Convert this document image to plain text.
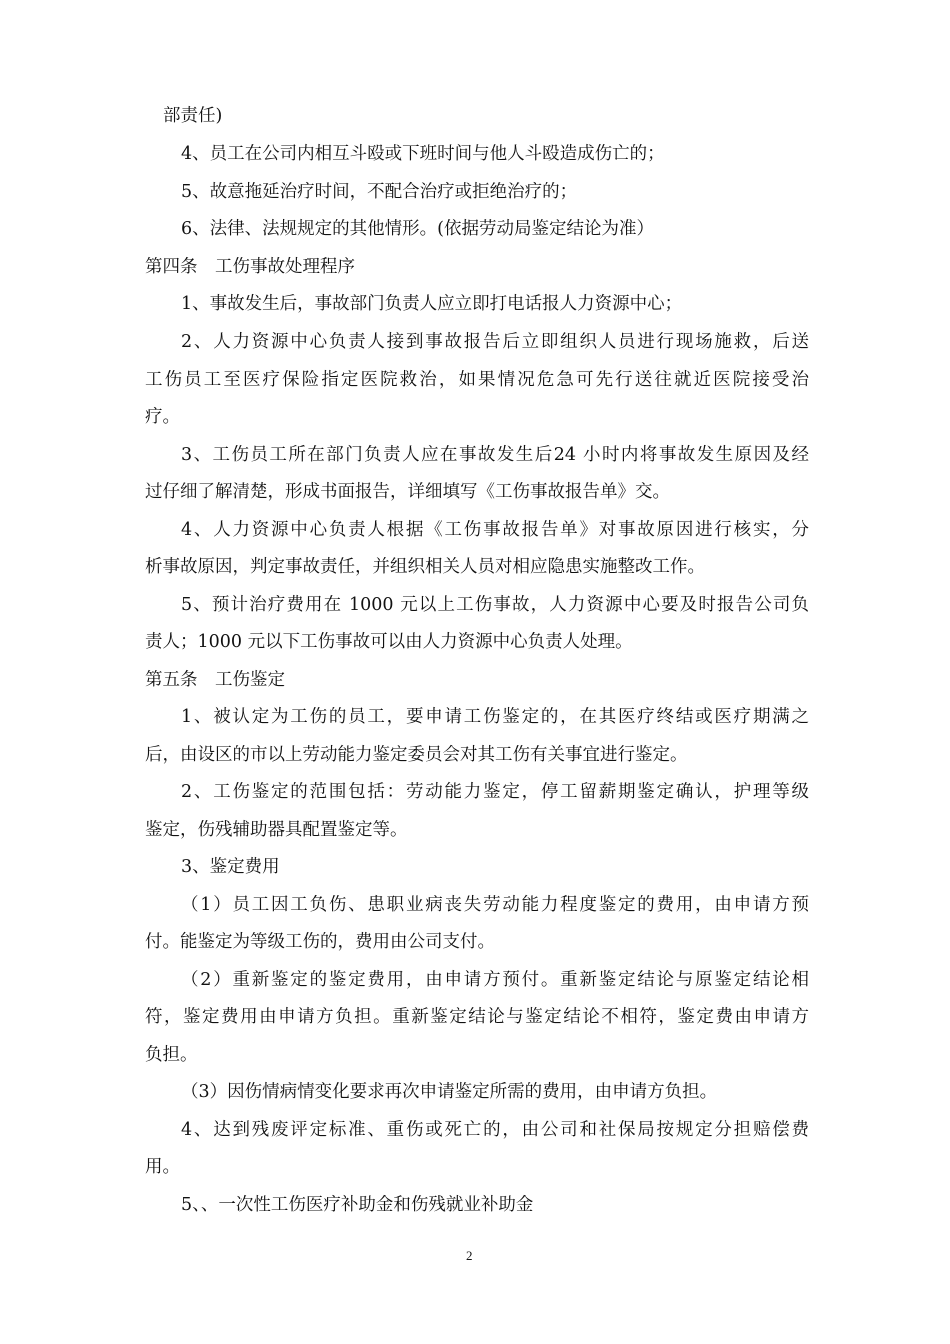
部责任)
4、员工在公司内相互斗殴或下班时间与他人斗殴造成伤亡的；
5、故意拖延治疗时间，不配合治疗或拒绝治疗的；
6、法律、法规规定的其他情形。(依据劳动局鉴定结论为准）
第四条　工伤事故处理程序
1、事故发生后，事故部门负责人应立即打电话报人力资源中心；
2、人力资源中心负责人接到事故报告后立即组织人员进行现场施救，后送
工伤员工至医疗保险指定医院救治，如果情况危急可先行送往就近医院接受治
疗。
3、工伤员工所在部门负责人应在事故发生后24 小时内将事故发生原因及经
过仔细了解清楚，形成书面报告，详细填写《工伤事故报告单》交。
4、人力资源中心负责人根据《工伤事故报告单》对事故原因进行核实，分
析事故原因，判定事故责任，并组织相关人员对相应隐患实施整改工作。
5、预计治疗费用在 1000 元以上工伤事故，人力资源中心要及时报告公司负
责人；1000 元以下工伤事故可以由人力资源中心负责人处理。
第五条　工伤鉴定
1、被认定为工伤的员工，要申请工伤鉴定的，在其医疗终结或医疗期满之
后，由设区的市以上劳动能力鉴定委员会对其工伤有关事宜进行鉴定。
2、工伤鉴定的范围包括：劳动能力鉴定，停工留薪期鉴定确认，护理等级
鉴定，伤残辅助器具配置鉴定等。
3、鉴定费用
（1）员工因工负伤、患职业病丧失劳动能力程度鉴定的费用，由申请方预
付。能鉴定为等级工伤的，费用由公司支付。
（2）重新鉴定的鉴定费用，由申请方预付。重新鉴定结论与原鉴定结论相
符，鉴定费用由申请方负担。重新鉴定结论与鉴定结论不相符，鉴定费由申请方
负担。
（3）因伤情病情变化要求再次申请鉴定所需的费用，由申请方负担。
4、达到残废评定标准、重伤或死亡的，由公司和社保局按规定分担赔偿费
用。
5、、一次性工伤医疗补助金和伤残就业补助金
2
